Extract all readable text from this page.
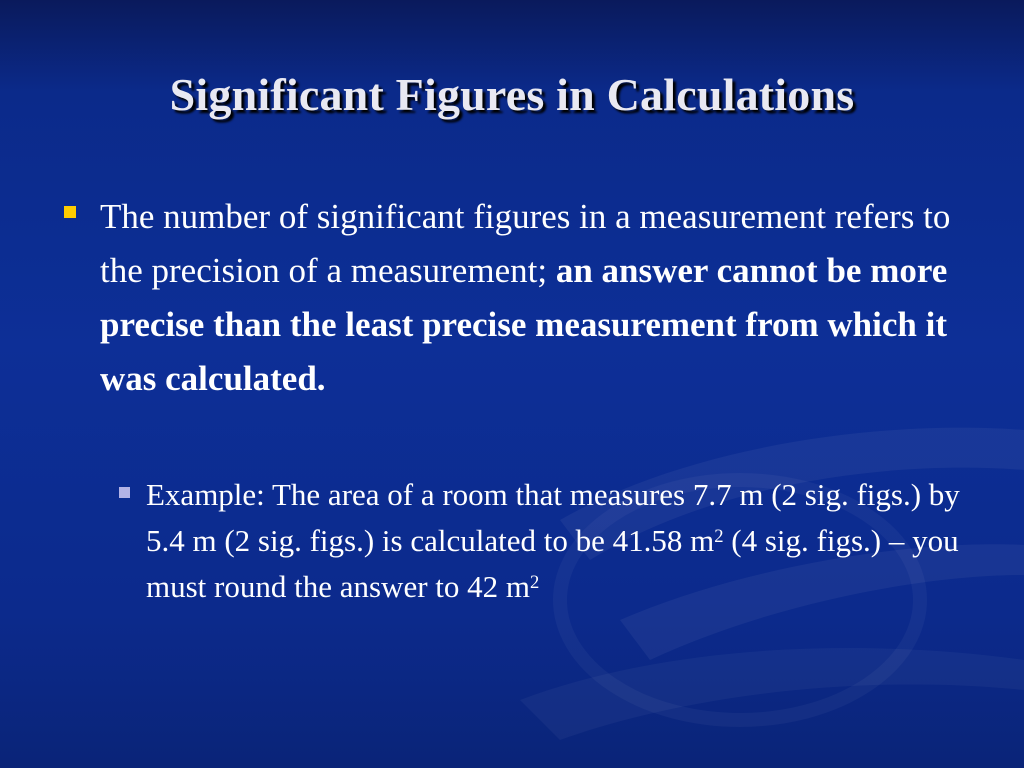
Significant Figures in Calculations
The number of significant figures in a measurement refers to the precision of a measurement; an answer cannot be more precise than the least precise measurement from which it was calculated.
Example: The area of a room that measures 7.7 m (2 sig. figs.) by 5.4 m (2 sig. figs.) is calculated to be 41.58 $m^2$ (4 sig. figs.) – you must round the answer to 42 $m^2$
